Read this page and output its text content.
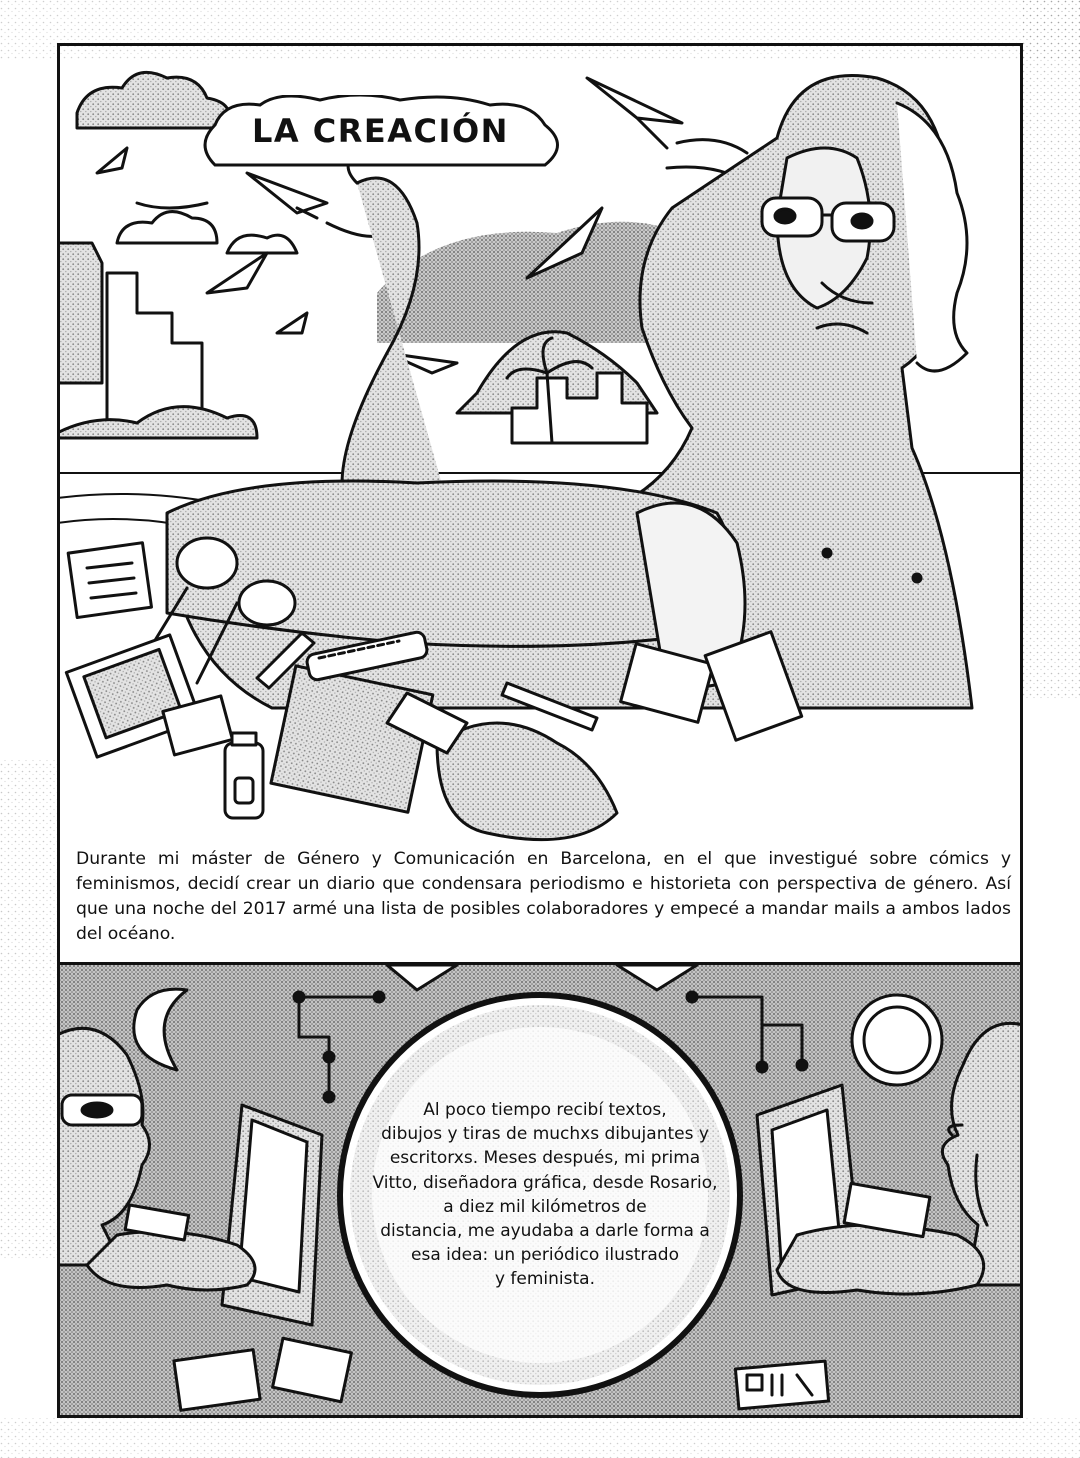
LA CREACIÓN
Durante mi máster de Género y Comunicación en Barcelona, en el que investigué sobre cómics y feminismos, decidí crear un diario que condensara periodismo e historieta con perspectiva de género. Así que una noche del 2017 armé una lista de posibles colaboradores y empecé a mandar mails a ambos lados del océano.
Al poco tiempo recibí textos,
dibujos y tiras de muchxs dibujantes y
escritorxs. Meses después, mi prima
Vitto, diseñadora gráfica, desde Rosario,
a diez mil kilómetros de
distancia, me ayudaba a darle forma a
esa idea: un periódico ilustrado
y feminista.
